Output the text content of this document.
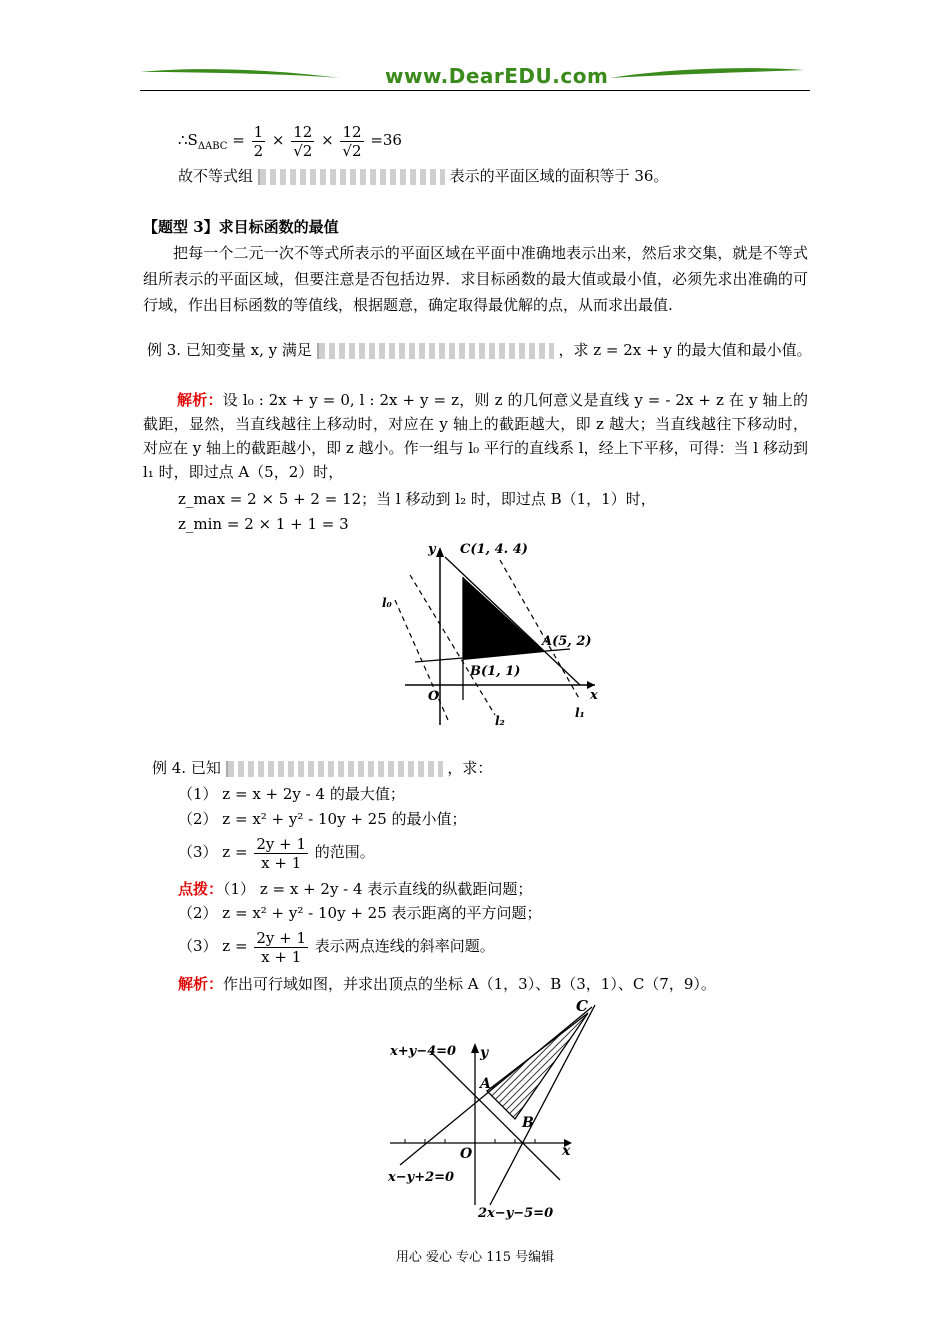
www.DearEDU.com
$\therefore S_{\Delta ABC} = \frac{1}{2} \times \frac{12}{√2} \times \frac{12}{√2} =36$
故不等式组	表示的平面区域的面积等于 36。
【题型 3】求目标函数的最值
把每一个二元一次不等式所表示的平面区域在平面中准确地表示出来，然后求交集，就是不等式组所表示的平面区域，但要注意是否包括边界．求目标函数的最大值或最小值，必须先求出准确的可行域，作出目标函数的等值线，根据题意，确定取得最优解的点，从而求出最值.
例 3. 已知变量 x, y 满足	，求 z = 2x + y 的最大值和最小值。
解析：设 l₀ : 2x + y = 0, l : 2x + y = z，则 z 的几何意义是直线 y = - 2x + z 在 y 轴上的截距，显然，当直线越往上移动时，对应在 y 轴上的截距越大，即 z 越大；当直线越往下移动时，对应在 y 轴上的截距越小，即 z 越小。作一组与 l₀ 平行的直线系 l，经上下平移，可得：当 l 移动到 l₁ 时，即过点 A（5，2）时，
z_max = 2 × 5 + 2 = 12；当 l 移动到 l₂ 时，即过点 B（1，1）时，
z_min = 2 × 1 + 1 = 3
C(1, 4. 4)
A(5, 2)
B(1, 1)
O	x
y
l₀
l₁
l₂
例 4. 已知	，求：
（1） z = x + 2y - 4 的最大值；
（2） z = x² + y² - 10y + 25 的最小值；
（3） $z = \frac{2y + 1}{x + 1}$ 的范围。
点拨：（1） z = x + 2y - 4 表示直线的纵截距问题；
（2） z = x² + y² - 10y + 25 表示距离的平方问题；
（3） $z = \frac{2y + 1}{x + 1}$ 表示两点连线的斜率问题。
解析：作出可行域如图，并求出顶点的坐标 A（1，3）、B（3，1）、C（7，9）。
C
A
B
O	x
y
x+y−4=0
x−y+2=0
2x−y−5=0
用心 爱心 专心 115 号编辑
